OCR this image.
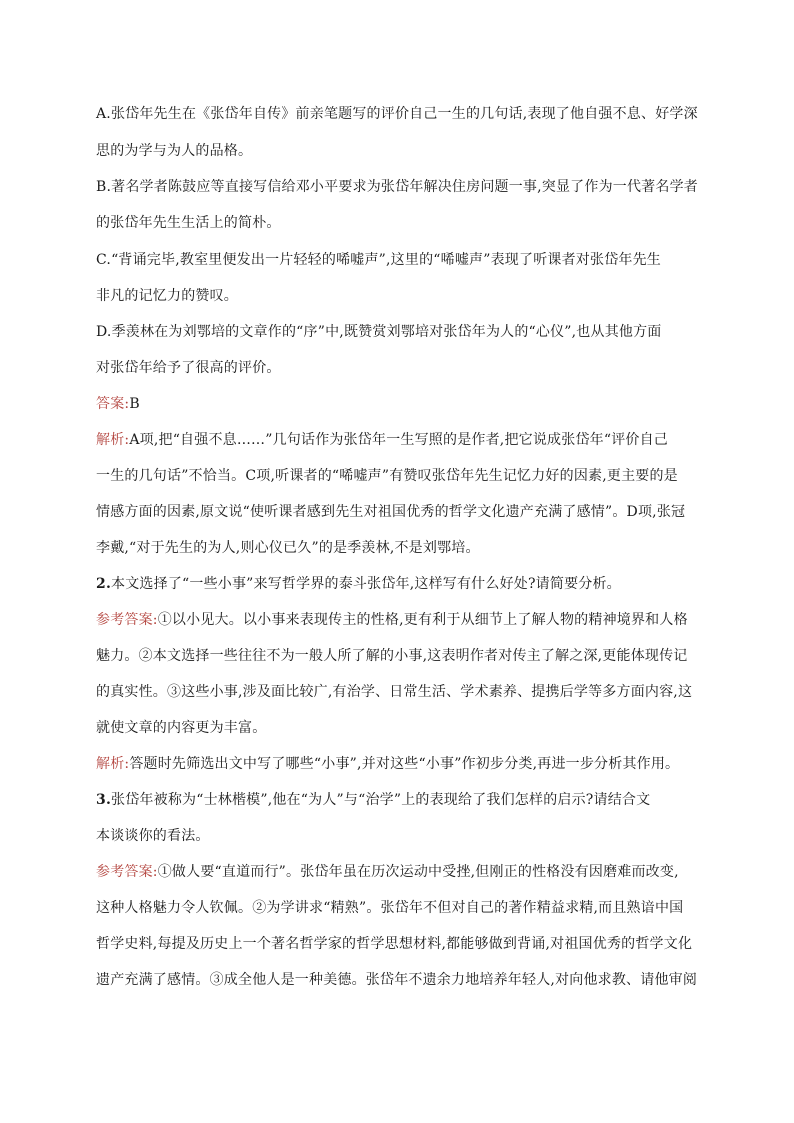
A.张岱年先生在《张岱年自传》前亲笔题写的评价自己一生的几句话,表现了他自强不息、好学深
思的为学与为人的品格。
B.著名学者陈鼓应等直接写信给邓小平要求为张岱年解决住房问题一事,突显了作为一代著名学者
的张岱年先生生活上的简朴。
C.“背诵完毕,教室里便发出一片轻轻的唏嘘声”,这里的“唏嘘声”表现了听课者对张岱年先生
非凡的记忆力的赞叹。
D.季羡林在为刘鄂培的文章作的“序”中,既赞赏刘鄂培对张岱年为人的“心仪”,也从其他方面
对张岱年给予了很高的评价。
答案:B
解析:A项,把“自强不息……”几句话作为张岱年一生写照的是作者,把它说成张岱年“评价自己
一生的几句话”不恰当。C项,听课者的“唏嘘声”有赞叹张岱年先生记忆力好的因素,更主要的是
情感方面的因素,原文说“使听课者感到先生对祖国优秀的哲学文化遗产充满了感情”。D项,张冠
李戴,“对于先生的为人,则心仪已久”的是季羡林,不是刘鄂培。
2.本文选择了“一些小事”来写哲学界的泰斗张岱年,这样写有什么好处?请简要分析。
参考答案:①以小见大。以小事来表现传主的性格,更有利于从细节上了解人物的精神境界和人格
魅力。②本文选择一些往往不为一般人所了解的小事,这表明作者对传主了解之深,更能体现传记
的真实性。③这些小事,涉及面比较广,有治学、日常生活、学术素养、提携后学等多方面内容,这
就使文章的内容更为丰富。
解析:答题时先筛选出文中写了哪些“小事”,并对这些“小事”作初步分类,再进一步分析其作用。
3.张岱年被称为“士林楷模”,他在“为人”与“治学”上的表现给了我们怎样的启示?请结合文
本谈谈你的看法。
参考答案:①做人要“直道而行”。张岱年虽在历次运动中受挫,但刚正的性格没有因磨难而改变,
这种人格魅力令人钦佩。②为学讲求“精熟”。张岱年不但对自己的著作精益求精,而且熟谙中国
哲学史料,每提及历史上一个著名哲学家的哲学思想材料,都能够做到背诵,对祖国优秀的哲学文化
遗产充满了感情。③成全他人是一种美德。张岱年不遗余力地培养年轻人,对向他求教、请他审阅
